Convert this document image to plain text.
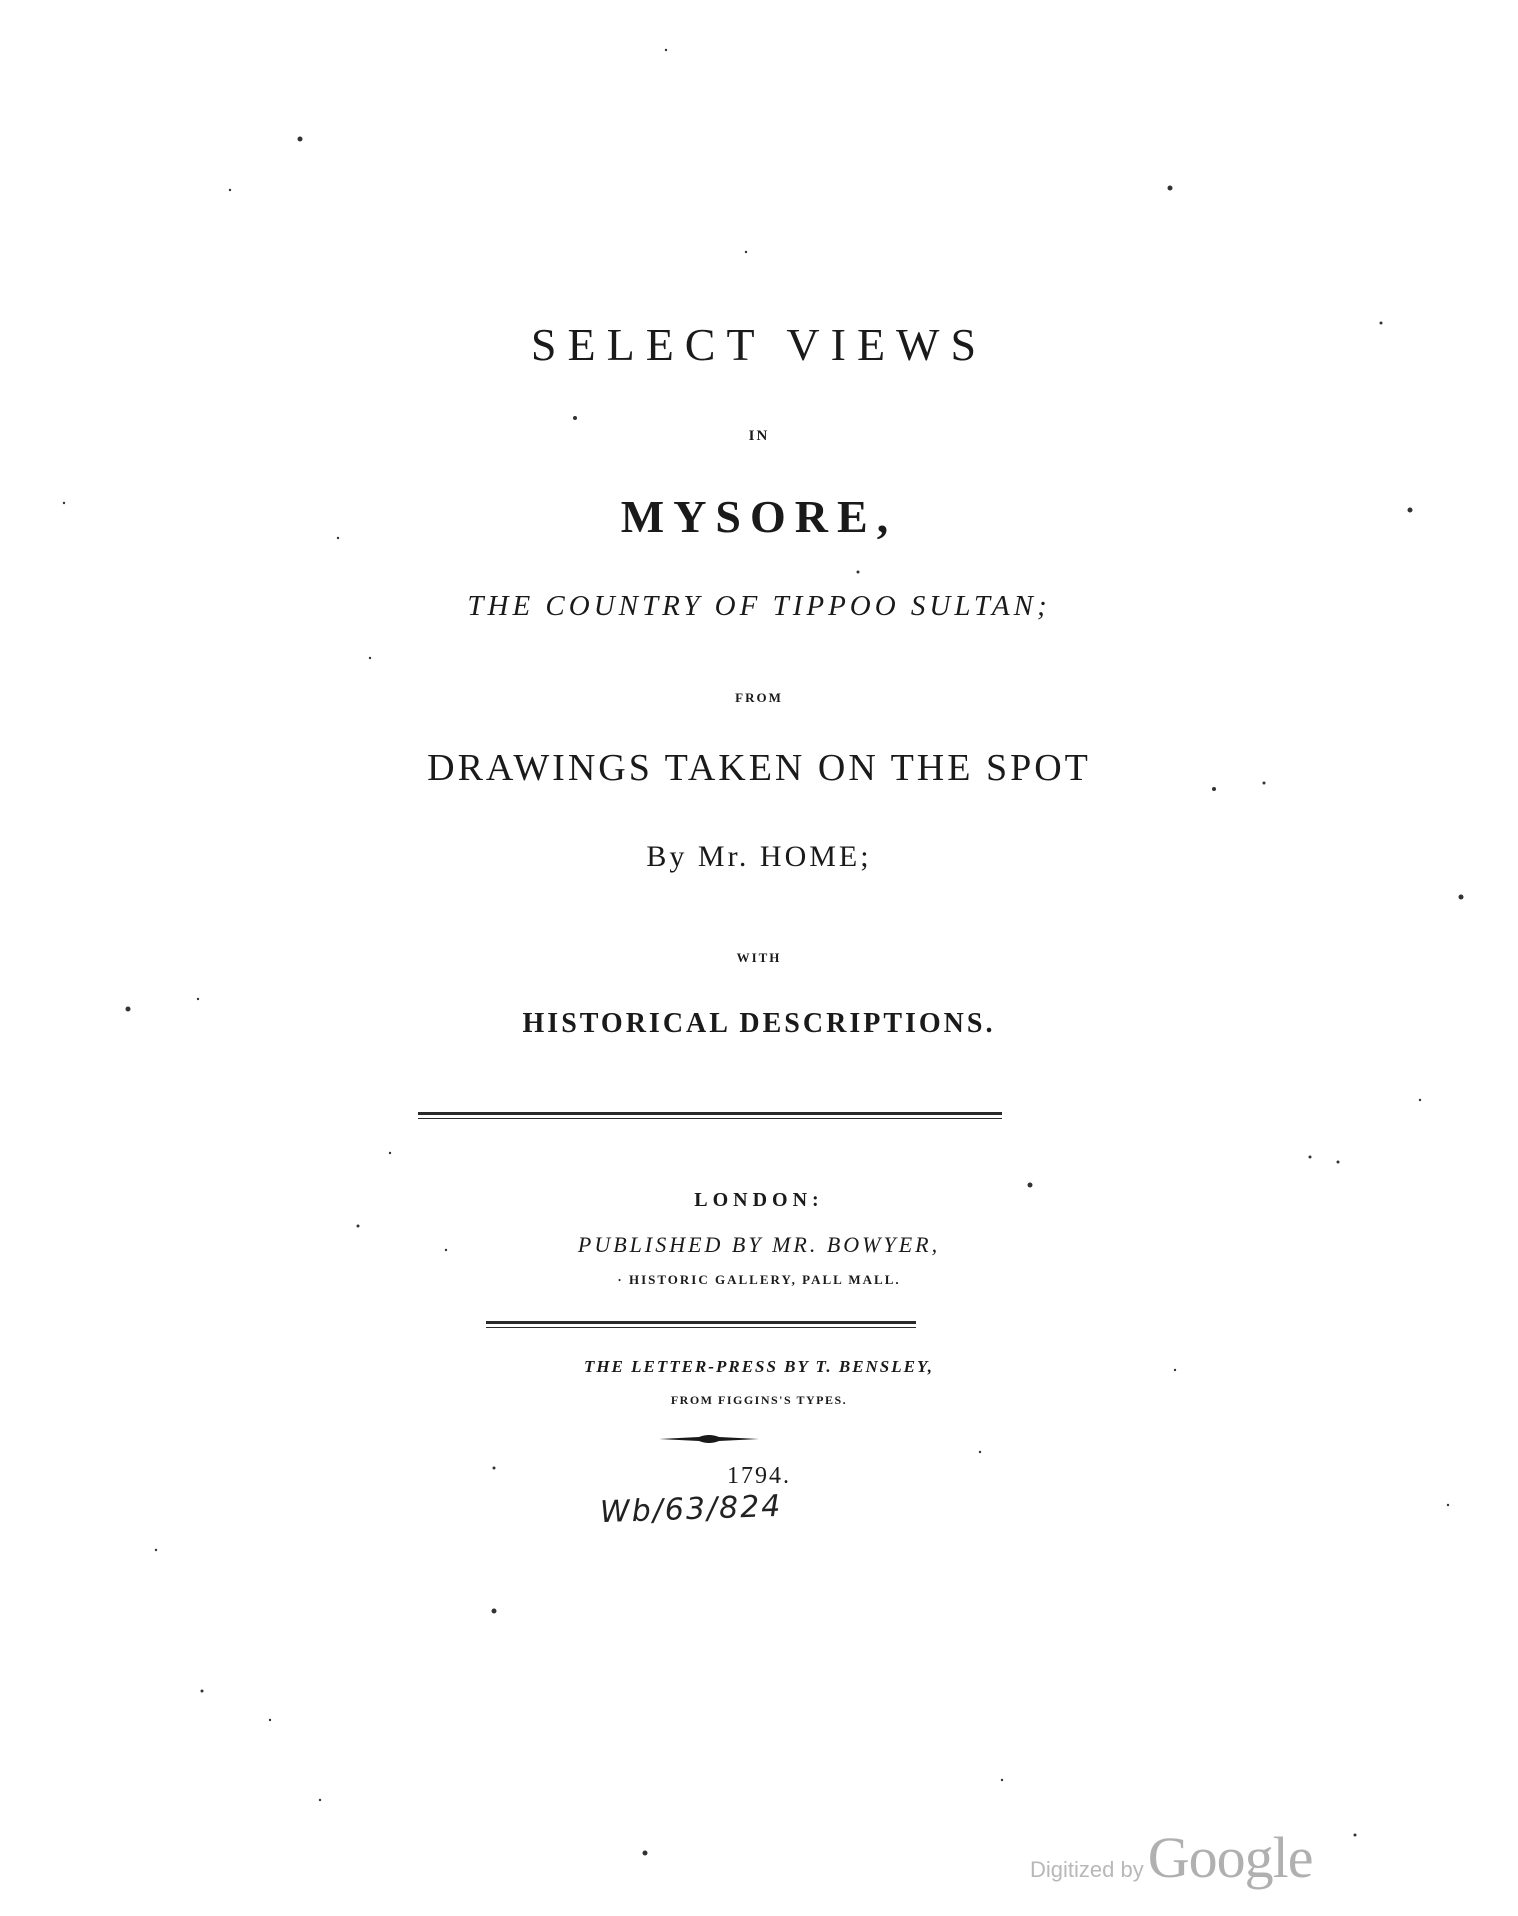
SELECT VIEWS
IN
MYSORE,
THE COUNTRY OF TIPPOO SULTAN;
FROM
DRAWINGS TAKEN ON THE SPOT
By Mr. HOME;
WITH
HISTORICAL DESCRIPTIONS.
LONDON:
PUBLISHED BY MR. BOWYER,
· HISTORIC GALLERY, PALL MALL.
THE LETTER-PRESS BY T. BENSLEY,
FROM FIGGINS'S TYPES.
1794.
Wb/63/824
Digitized by Google
